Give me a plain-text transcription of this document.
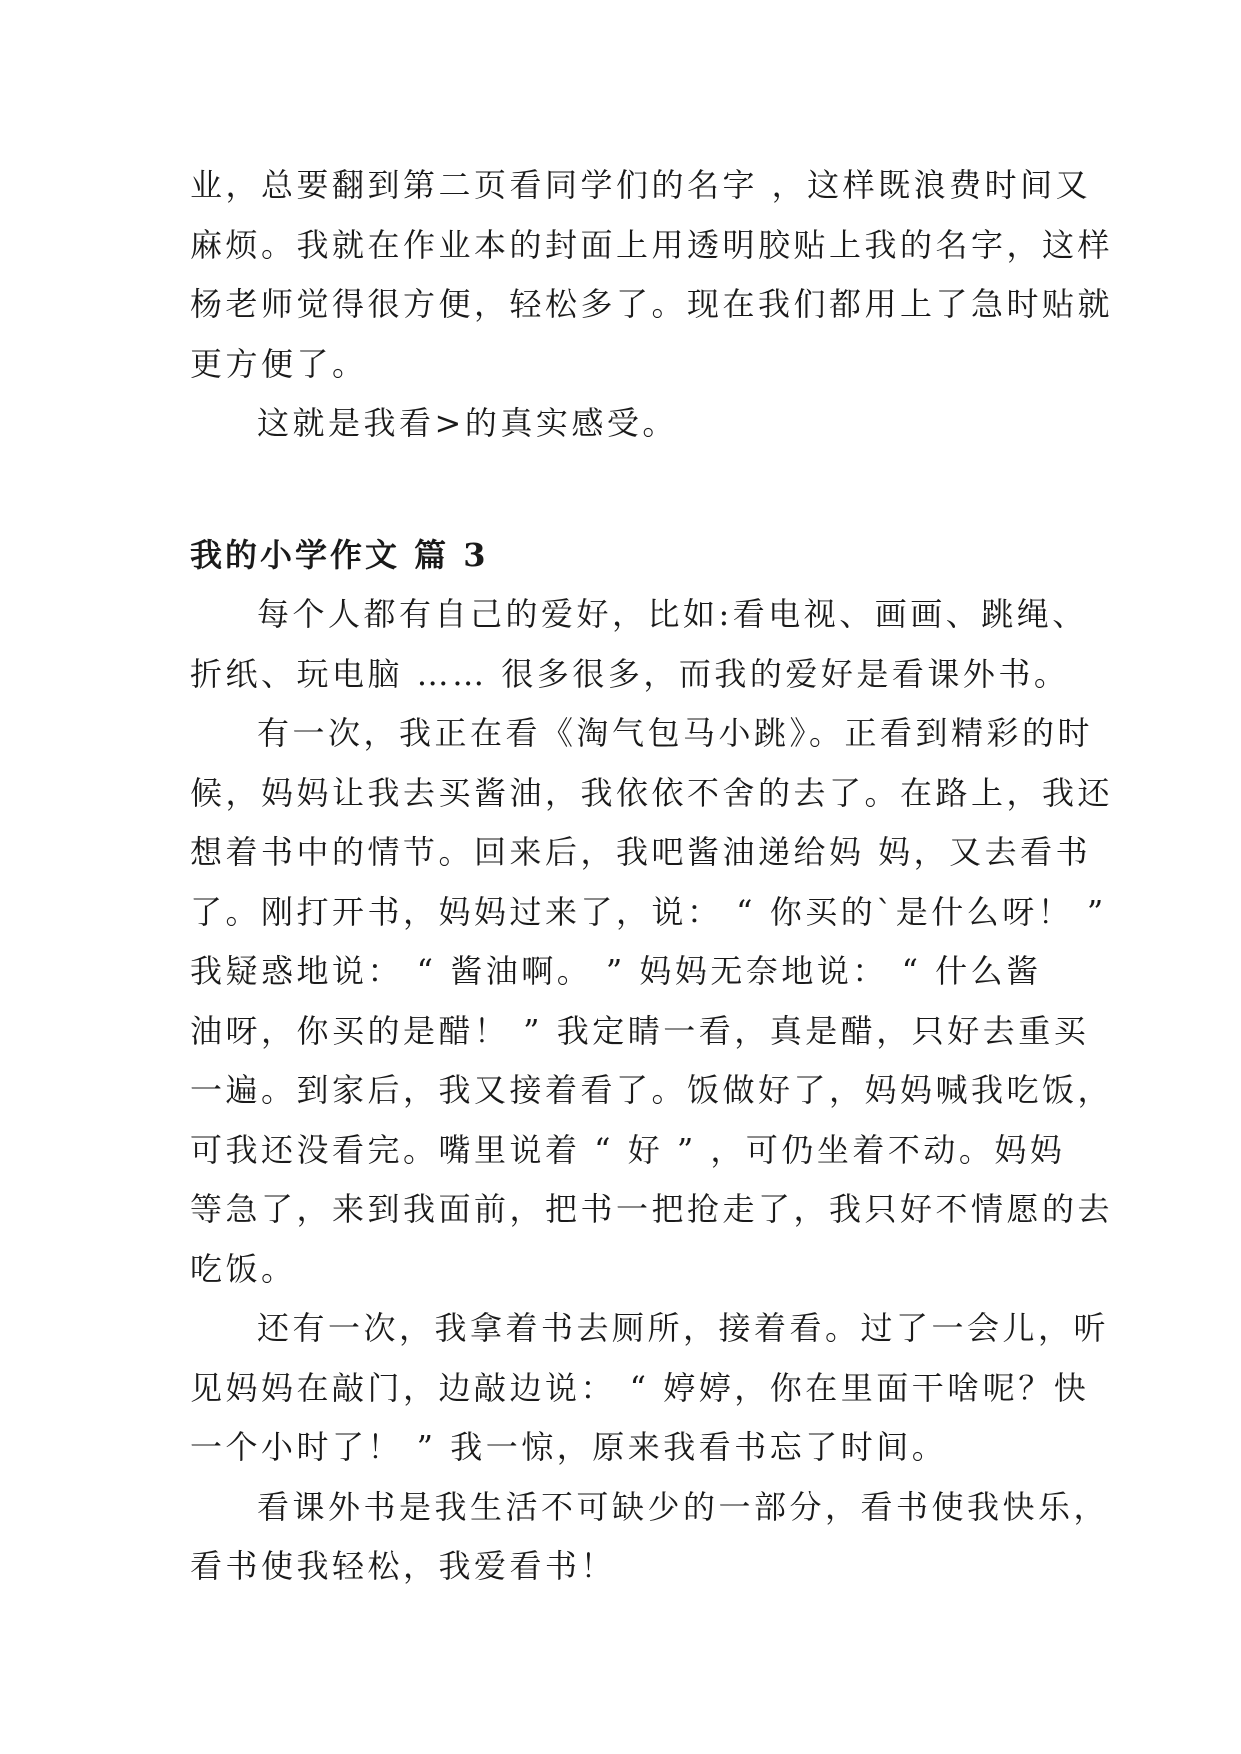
业，总要翻到第二页看同学们的名字 ，这样既浪费时间又
麻烦。我就在作业本的封面上用透明胶贴上我的名字，这样
杨老师觉得很方便，轻松多了。现在我们都用上了急时贴就
更方便了。

这就是我看>的真实感受。

我的小学作文 篇 3

每个人都有自己的爱好，比如:看电视、画画、跳绳、
折纸、玩电脑 …… 很多很多，而我的爱好是看课外书。

有一次，我正在看《淘气包马小跳》。正看到精彩的时
候，妈妈让我去买酱油，我依依不舍的去了。在路上，我还
想着书中的情节。回来后，我吧酱油递给妈 妈，又去看书
了。刚打开书，妈妈过来了，说： “ 你买的`是什么呀！ ”
我疑惑地说： “ 酱油啊。 ” 妈妈无奈地说： “ 什么酱
油呀，你买的是醋！ ” 我定睛一看，真是醋，只好去重买
一遍。到家后，我又接着看了。饭做好了，妈妈喊我吃饭，
可我还没看完。嘴里说着 “ 好 ” ，可仍坐着不动。妈妈
等急了，来到我面前，把书一把抢走了，我只好不情愿的去
吃饭。

还有一次，我拿着书去厕所，接着看。过了一会儿，听
见妈妈在敲门，边敲边说： “ 婷婷，你在里面干啥呢？快
一个小时了！ ” 我一惊，原来我看书忘了时间。

看课外书是我生活不可缺少的一部分，看书使我快乐，
看书使我轻松，我爱看书！
